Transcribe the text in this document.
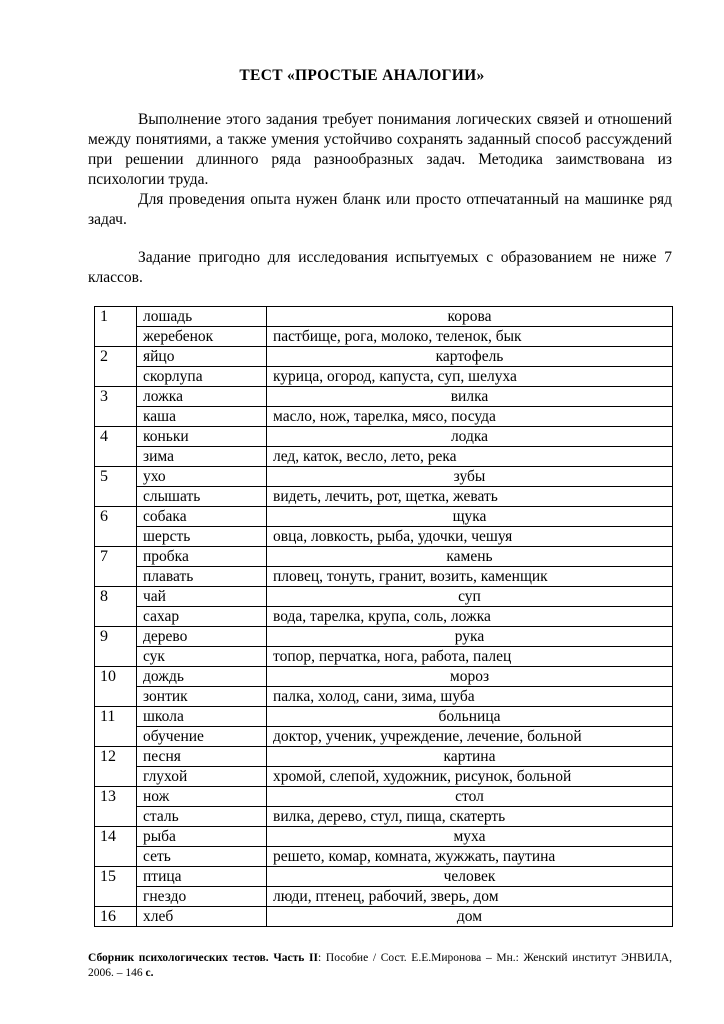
ТЕСТ «ПРОСТЫЕ АНАЛОГИИ»

Выполнение этого задания требует понимания логических связей и отношений между понятиями, а также умения устойчиво сохранять заданный способ рассуждений при решении длинного ряда разнообразных задач. Методика заимствована из психологии труда.

Для проведения опыта нужен бланк или просто отпечатанный на машинке ряд задач.

Задание пригодно для исследования испытуемых с образованием не ниже 7 классов.

1	лошадь	корова
	жеребенок	пастбище, рога, молоко, теленок, бык
2	яйцо	картофель
	скорлупа	курица, огород, капуста, суп, шелуха
3	ложка	вилка
	каша	масло, нож, тарелка, мясо, посуда
4	коньки	лодка
	зима	лед, каток, весло, лето, река
5	ухо	зубы
	слышать	видеть, лечить, рот, щетка, жевать
6	собака	щука
	шерсть	овца, ловкость, рыба, удочки, чешуя
7	пробка	камень
	плавать	пловец, тонуть, гранит, возить, каменщик
8	чай	суп
	сахар	вода, тарелка, крупа, соль, ложка
9	дерево	рука
	сук	топор, перчатка, нога, работа, палец
10	дождь	мороз
	зонтик	палка, холод, сани, зима, шуба
11	школа	больница
	обучение	доктор, ученик, учреждение, лечение, больной
12	песня	картина
	глухой	хромой, слепой, художник, рисунок, больной
13	нож	стол
	сталь	вилка, дерево, стул, пища, скатерть
14	рыба	муха
	сеть	решето, комар, комната, жужжать, паутина
15	птица	человек
	гнездо	люди, птенец, рабочий, зверь, дом
16	хлеб	дом

Сборник психологических тестов. Часть II: Пособие / Сост. Е.Е.Миронова – Мн.: Женский институт ЭНВИЛА, 2006. – 146 с.
